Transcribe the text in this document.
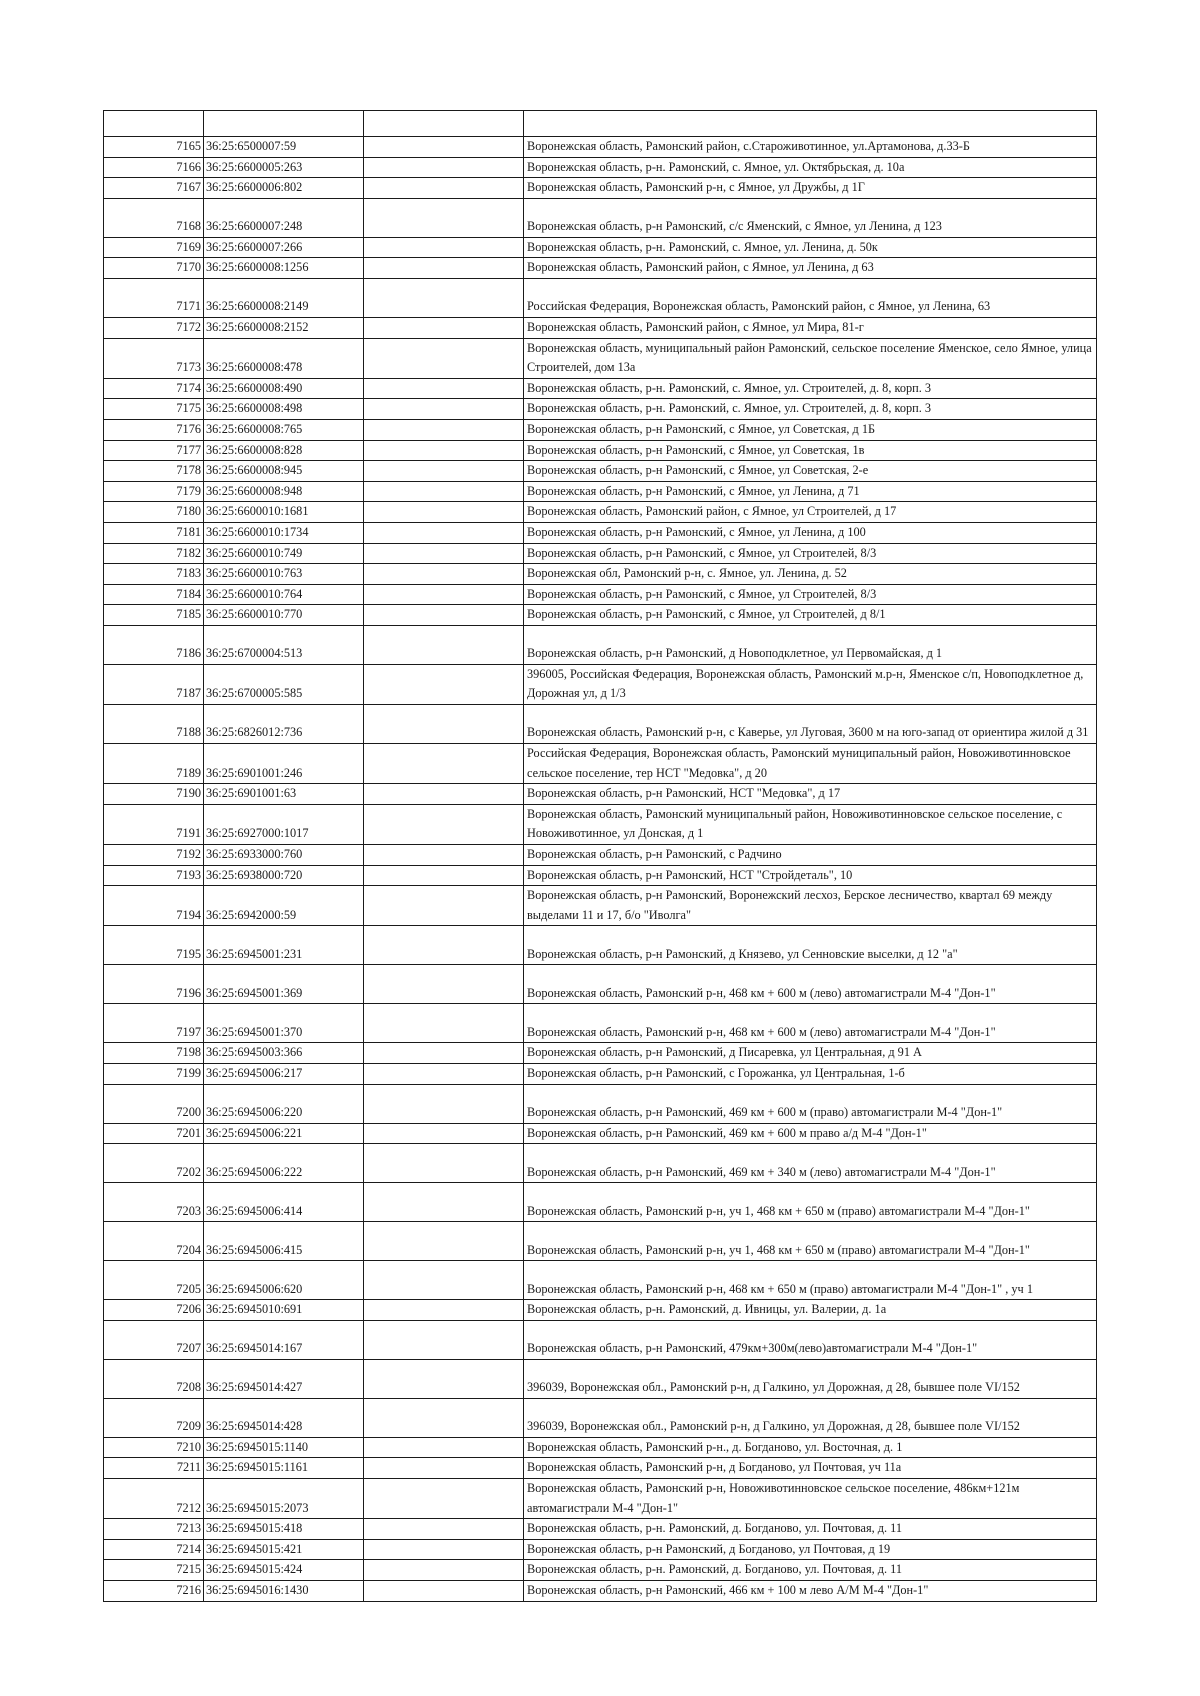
7165	36:25:6500007:59		Воронежская область, Рамонский район, с.Староживотинное, ул.Артамонова, д.33-Б
7166	36:25:6600005:263		Воронежская область, р-н. Рамонский, с. Ямное, ул. Октябрьская, д. 10а
7167	36:25:6600006:802		Воронежская область, Рамонский р-н, с Ямное, ул Дружбы, д 1Г
7168	36:25:6600007:248		Воронежская область, р-н Рамонский, с/с Яменский, с Ямное, ул Ленина, д 123
7169	36:25:6600007:266		Воронежская область, р-н. Рамонский, с. Ямное, ул. Ленина, д. 50к
7170	36:25:6600008:1256		Воронежская область, Рамонский район, с Ямное, ул Ленина, д 63
7171	36:25:6600008:2149		Российская Федерация, Воронежская область, Рамонский район, с Ямное, ул Ленина, 63
7172	36:25:6600008:2152		Воронежская область, Рамонский район, с Ямное, ул Мира, 81-г
7173	36:25:6600008:478		Воронежская область, муниципальный район Рамонский, сельское поселение Яменское, село Ямное, улица Строителей, дом 13а
7174	36:25:6600008:490		Воронежская область, р-н. Рамонский, с. Ямное, ул. Строителей, д. 8, корп. 3
7175	36:25:6600008:498		Воронежская область, р-н. Рамонский, с. Ямное, ул. Строителей, д. 8, корп. 3
7176	36:25:6600008:765		Воронежская область, р-н Рамонский, с Ямное, ул Советская, д 1Б
7177	36:25:6600008:828		Воронежская область, р-н Рамонский, с Ямное, ул Советская, 1в
7178	36:25:6600008:945		Воронежская область, р-н Рамонский, с Ямное, ул Советская, 2-е
7179	36:25:6600008:948		Воронежская область, р-н Рамонский, с Ямное, ул Ленина, д 71
7180	36:25:6600010:1681		Воронежская область, Рамонский район, с Ямное, ул Строителей, д 17
7181	36:25:6600010:1734		Воронежская область, р-н Рамонский, с Ямное, ул Ленина, д 100
7182	36:25:6600010:749		Воронежская область, р-н Рамонский, с Ямное, ул Строителей, 8/3
7183	36:25:6600010:763		Воронежская обл, Рамонский р-н, с. Ямное, ул. Ленина, д. 52
7184	36:25:6600010:764		Воронежская область, р-н Рамонский, с Ямное, ул Строителей, 8/3
7185	36:25:6600010:770		Воронежская область, р-н Рамонский, с Ямное, ул Строителей, д 8/1
7186	36:25:6700004:513		Воронежская область, р-н Рамонский, д Новоподклетное, ул Первомайская, д 1
7187	36:25:6700005:585		396005, Российская Федерация, Воронежская область, Рамонский м.р-н, Яменское с/п, Новоподклетное д, Дорожная ул, д 1/3
7188	36:25:6826012:736		Воронежская область, Рамонский р-н, с Каверье, ул Луговая, 3600 м на юго-запад от ориентира жилой д 31
7189	36:25:6901001:246		Российская Федерация, Воронежская область, Рамонский муниципальный район, Новоживотинновское сельское поселение, тер НСТ "Медовка", д 20
7190	36:25:6901001:63		Воронежская область, р-н Рамонский, НСТ "Медовка", д 17
7191	36:25:6927000:1017		Воронежская область, Рамонский муниципальный район, Новоживотинновское сельское поселение, с Новоживотинное, ул Донская, д 1
7192	36:25:6933000:760		Воронежская область, р-н Рамонский, с Радчино
7193	36:25:6938000:720		Воронежская область, р-н Рамонский, НСТ "Стройдеталь", 10
7194	36:25:6942000:59		Воронежская область, р-н Рамонский, Воронежский лесхоз, Берское лесничество, квартал 69 между выделами 11 и 17, б/о "Иволга"
7195	36:25:6945001:231		Воронежская область, р-н Рамонский, д Князево, ул Сенновские выселки, д 12 "а"
7196	36:25:6945001:369		Воронежская область, Рамонский р-н, 468 км + 600 м (лево) автомагистрали М-4 "Дон-1"
7197	36:25:6945001:370		Воронежская область, Рамонский р-н, 468 км + 600 м (лево) автомагистрали М-4 "Дон-1"
7198	36:25:6945003:366		Воронежская область, р-н Рамонский, д Писаревка, ул Центральная, д 91 А
7199	36:25:6945006:217		Воронежская область, р-н Рамонский, с Горожанка, ул Центральная, 1-б
7200	36:25:6945006:220		Воронежская область, р-н Рамонский, 469 км + 600 м (право) автомагистрали М-4 "Дон-1"
7201	36:25:6945006:221		Воронежская область, р-н Рамонский, 469 км + 600 м право а/д М-4 "Дон-1"
7202	36:25:6945006:222		Воронежская область, р-н Рамонский, 469 км + 340 м (лево) автомагистрали М-4 "Дон-1"
7203	36:25:6945006:414		Воронежская область, Рамонский р-н, уч 1, 468 км + 650 м (право) автомагистрали М-4 "Дон-1"
7204	36:25:6945006:415		Воронежская область, Рамонский р-н, уч 1, 468 км + 650 м (право) автомагистрали М-4 "Дон-1"
7205	36:25:6945006:620		Воронежская область, Рамонский р-н, 468 км + 650 м (право) автомагистрали М-4 "Дон-1" , уч 1
7206	36:25:6945010:691		Воронежская область, р-н. Рамонский, д. Ивницы, ул. Валерии, д. 1а
7207	36:25:6945014:167		Воронежская область, р-н Рамонский, 479км+300м(лево)автомагистрали М-4 "Дон-1"
7208	36:25:6945014:427		396039, Воронежская обл., Рамонский р-н, д Галкино, ул Дорожная, д 28, бывшее поле VI/152
7209	36:25:6945014:428		396039, Воронежская обл., Рамонский р-н, д Галкино, ул Дорожная, д 28, бывшее поле VI/152
7210	36:25:6945015:1140		Воронежская область, Рамонский р-н., д. Богданово, ул. Восточная, д. 1
7211	36:25:6945015:1161		Воронежская область, Рамонский р-н, д Богданово, ул Почтовая, уч 11а
7212	36:25:6945015:2073		Воронежская область, Рамонский р-н, Новоживотинновское сельское поселение, 486км+121м автомагистрали М-4 "Дон-1"
7213	36:25:6945015:418		Воронежская область, р-н. Рамонский, д. Богданово, ул. Почтовая, д. 11
7214	36:25:6945015:421		Воронежская область, р-н Рамонский, д Богданово, ул Почтовая, д 19
7215	36:25:6945015:424		Воронежская область, р-н. Рамонский, д. Богданово, ул. Почтовая, д. 11
7216	36:25:6945016:1430		Воронежская область, р-н Рамонский, 466 км + 100 м лево А/М М-4 "Дон-1"
